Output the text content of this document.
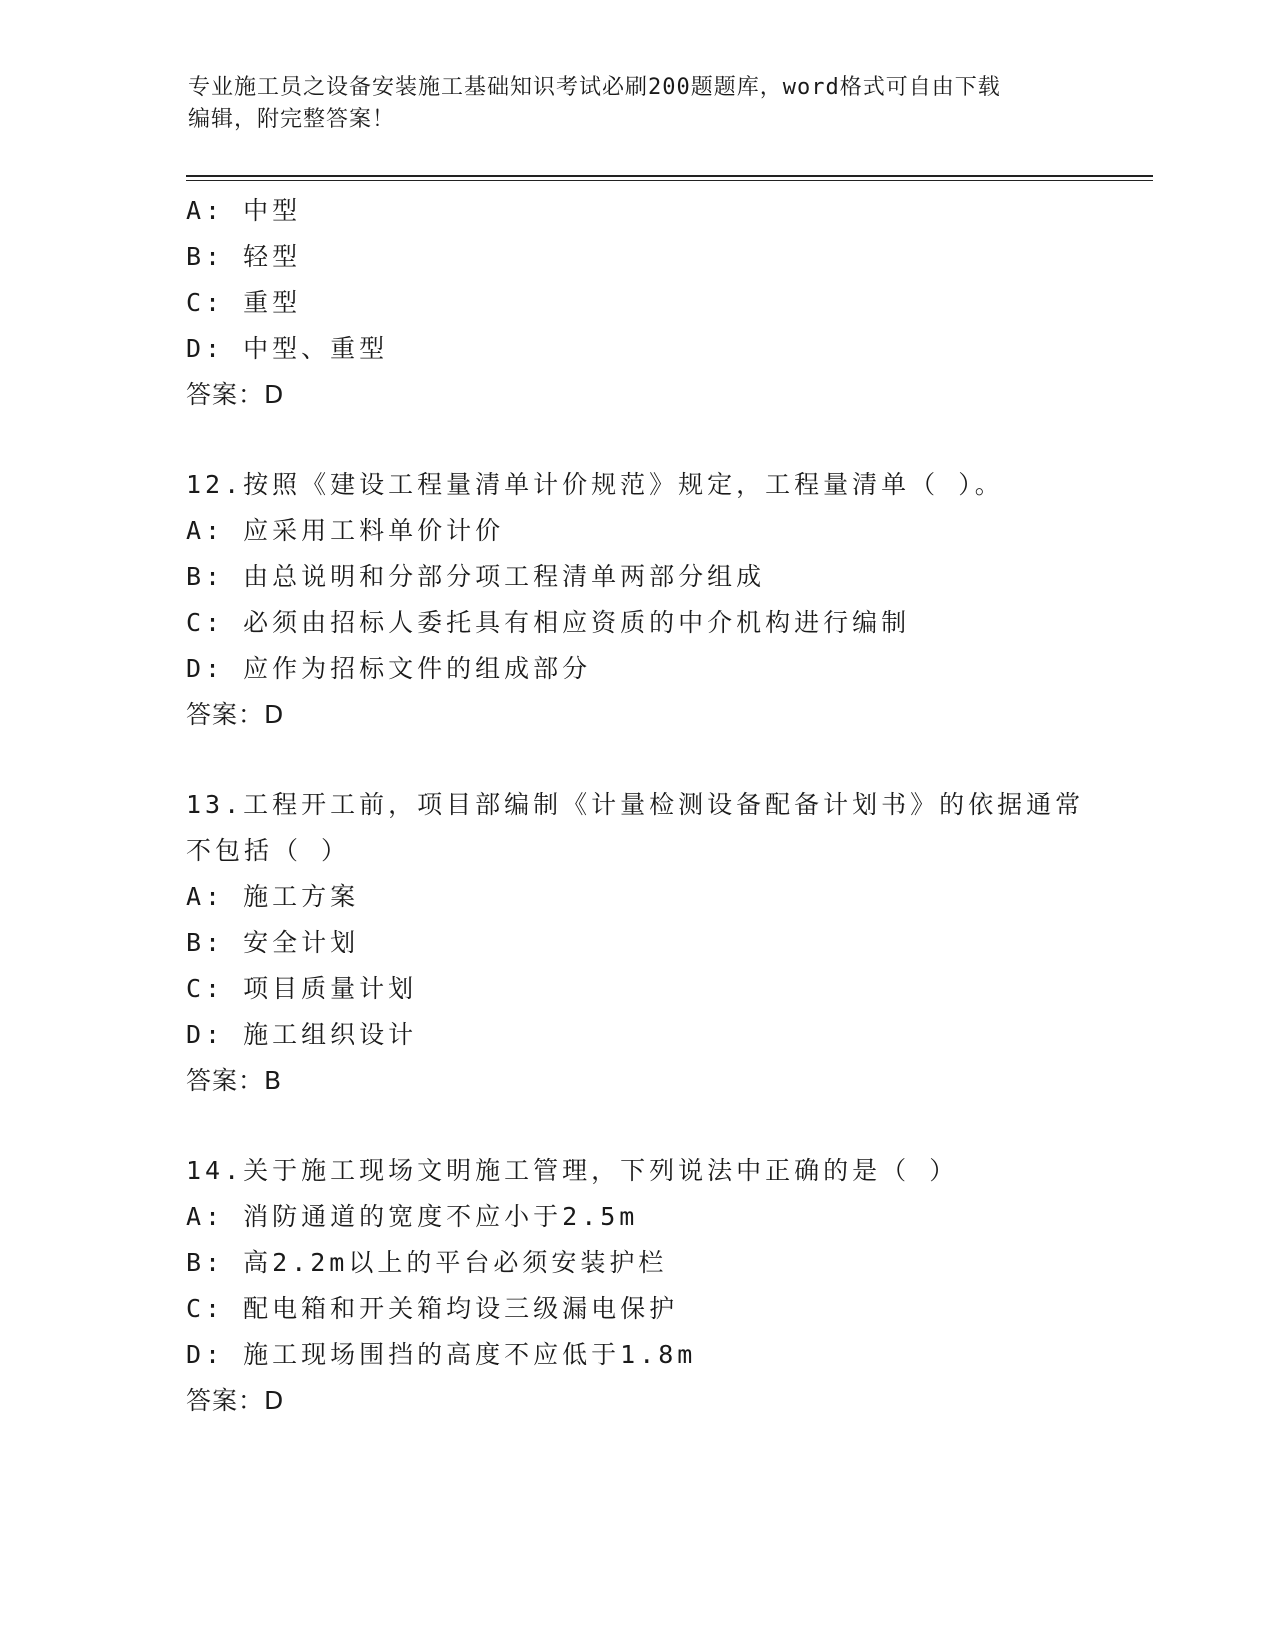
专业施工员之设备安装施工基础知识考试必刷200题题库，word格式可自由下载
编辑，附完整答案！
A: 中型
B: 轻型
C: 重型
D: 中型、重型
答案：D
12.按照《建设工程量清单计价规范》规定，工程量清单（ ）。
A: 应采用工料单价计价
B: 由总说明和分部分项工程清单两部分组成
C: 必须由招标人委托具有相应资质的中介机构进行编制
D: 应作为招标文件的组成部分
答案：D
13.工程开工前，项目部编制《计量检测设备配备计划书》的依据通常
不包括（ ）
A: 施工方案
B: 安全计划
C: 项目质量计划
D: 施工组织设计
答案：B
14.关于施工现场文明施工管理，下列说法中正确的是（ ）
A: 消防通道的宽度不应小于2.5m
B: 高2.2m以上的平台必须安装护栏
C: 配电箱和开关箱均设三级漏电保护
D: 施工现场围挡的高度不应低于1.8m
答案：D
